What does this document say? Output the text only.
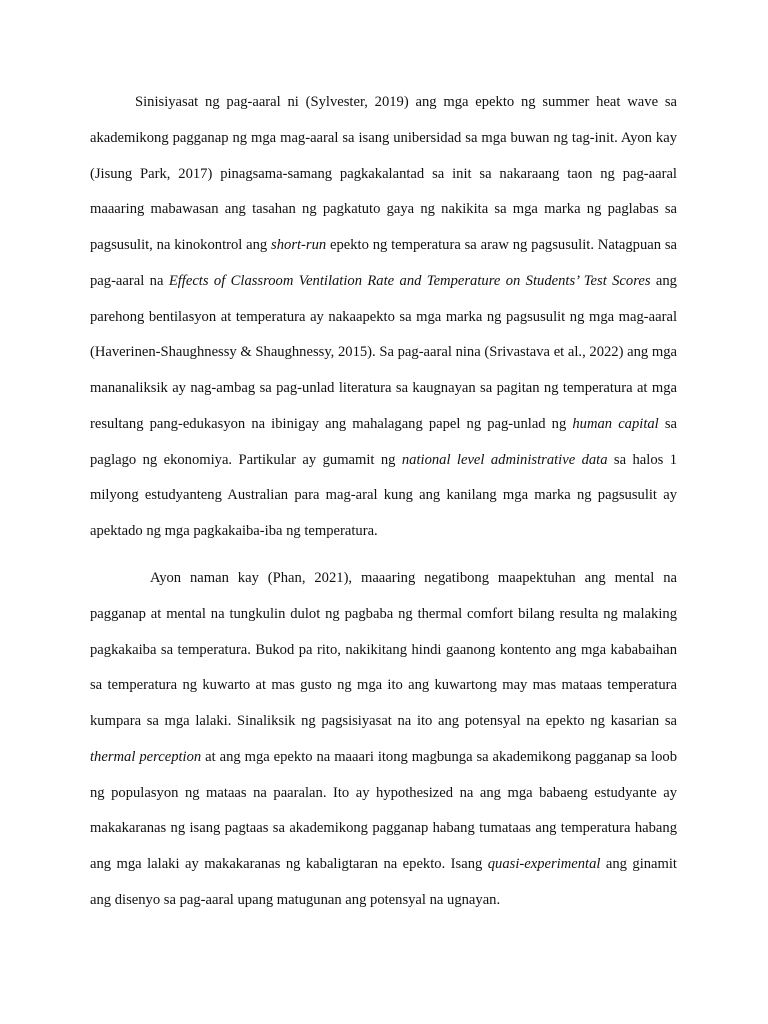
Sinisiyasat ng pag-aaral ni (Sylvester, 2019) ang mga epekto ng summer heat wave sa akademikong pagganap ng mga mag-aaral sa isang unibersidad sa mga buwan ng tag-init. Ayon kay (Jisung Park, 2017) pinagsama-samang pagkakalantad sa init sa nakaraang taon ng pag-aaral maaaring mabawasan ang tasahan ng pagkatuto gaya ng nakikita sa mga marka ng paglabas sa pagsusulit, na kinokontrol ang short-run epekto ng temperatura sa araw ng pagsusulit. Natagpuan sa pag-aaral na Effects of Classroom Ventilation Rate and Temperature on Students’ Test Scores ang parehong bentilasyon at temperatura ay nakaapekto sa mga marka ng pagsusulit ng mga mag-aaral (Haverinen-Shaughnessy & Shaughnessy, 2015). Sa pag-aaral nina (Srivastava et al., 2022) ang mga mananaliksik ay nag-ambag sa pag-unlad literatura sa kaugnayan sa pagitan ng temperatura at mga resultang pang-edukasyon na ibinigay ang mahalagang papel ng pag-unlad ng human capital sa paglago ng ekonomiya. Partikular ay gumamit ng national level administrative data sa halos 1 milyong estudyanteng Australian para mag-aral kung ang kanilang mga marka ng pagsusulit ay apektado ng mga pagkakaiba-iba ng temperatura.

Ayon naman kay (Phan, 2021), maaaring negatibong maapektuhan ang mental na pagganap at mental na tungkulin dulot ng pagbaba ng thermal comfort bilang resulta ng malaking pagkakaiba sa temperatura. Bukod pa rito, nakikitang hindi gaanong kontento ang mga kababaihan sa temperatura ng kuwarto at mas gusto ng mga ito ang kuwartong may mas mataas temperatura kumpara sa mga lalaki. Sinaliksik ng pagsisiyasat na ito ang potensyal na epekto ng kasarian sa thermal perception at ang mga epekto na maaari itong magbunga sa akademikong pagganap sa loob ng populasyon ng mataas na paaralan. Ito ay hypothesized na ang mga babaeng estudyante ay makakaranas ng isang pagtaas sa akademikong pagganap habang tumataas ang temperatura habang ang mga lalaki ay makakaranas ng kabaligtaran na epekto. Isang quasi-experimental ang ginamit ang disenyo sa pag-aaral upang matugunan ang potensyal na ugnayan.
